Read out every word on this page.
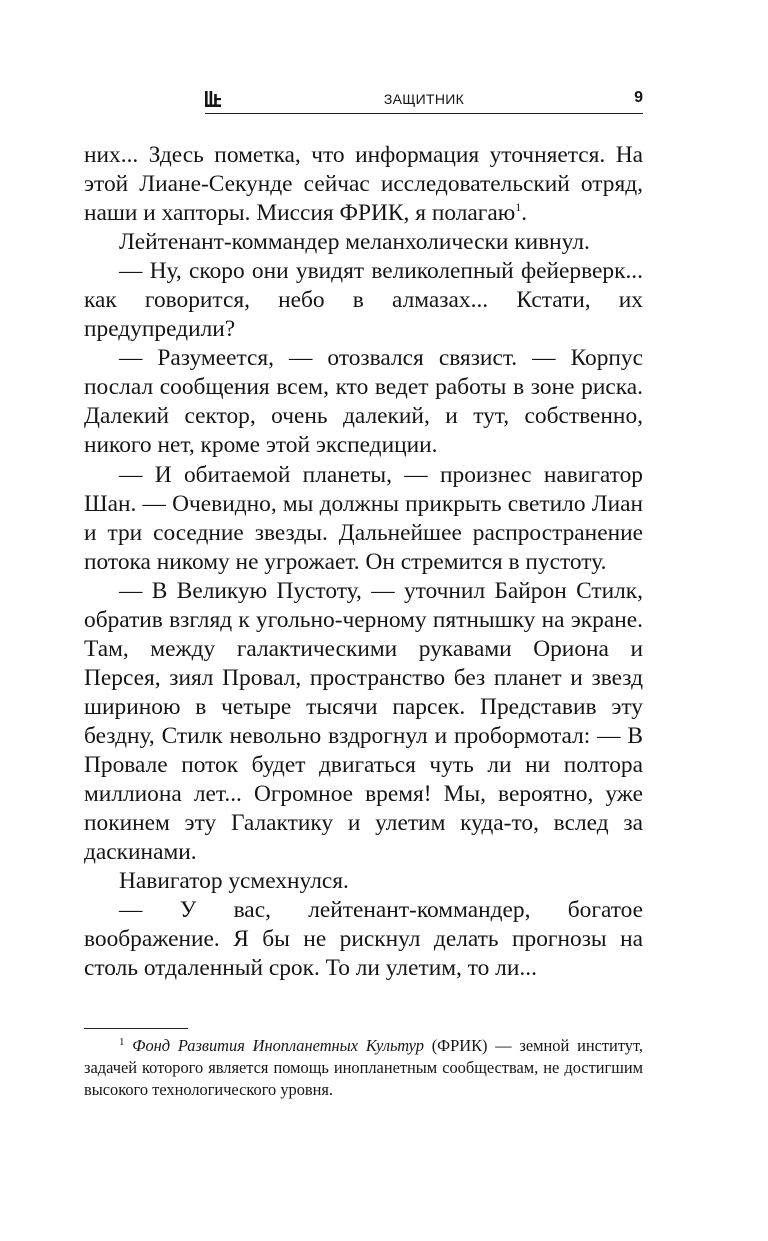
ЗАЩИТНИК	9

них... Здесь пометка, что информация уточняется. На этой Лиане-Секунде сейчас исследовательский отряд, наши и хапторы. Миссия ФРИК, я полагаю$^1$.

Лейтенант-коммандер меланхолически кивнул.

— Ну, скоро они увидят великолепный фейерверк... как говорится, небо в алмазах... Кстати, их предупредили?

— Разумеется, — отозвался связист. — Корпус послал сообщения всем, кто ведет работы в зоне риска. Далекий сектор, очень далекий, и тут, собственно, никого нет, кроме этой экспедиции.

— И обитаемой планеты, — произнес навигатор Шан. — Очевидно, мы должны прикрыть светило Лиан и три соседние звезды. Дальнейшее распространение потока никому не угрожает. Он стремится в пустоту.

— В Великую Пустоту, — уточнил Байрон Стилк, обратив взгляд к угольно-черному пятнышку на экране. Там, между галактическими рукавами Ориона и Персея, зиял Провал, пространство без планет и звезд шириною в четыре тысячи парсек. Представив эту бездну, Стилк невольно вздрогнул и пробормотал: — В Провале поток будет двигаться чуть ли ни полтора миллиона лет... Огромное время! Мы, вероятно, уже покинем эту Галактику и улетим куда-то, вслед за даскинами.

Навигатор усмехнулся.

— У вас, лейтенант-коммандер, богатое воображение. Я бы не рискнул делать прогнозы на столь отдаленный срок. То ли улетим, то ли...

$^1$ Фонд Развития Инопланетных Культур (ФРИК) — земной институт, задачей которого является помощь инопланетным сообществам, не достигшим высокого технологического уровня.
